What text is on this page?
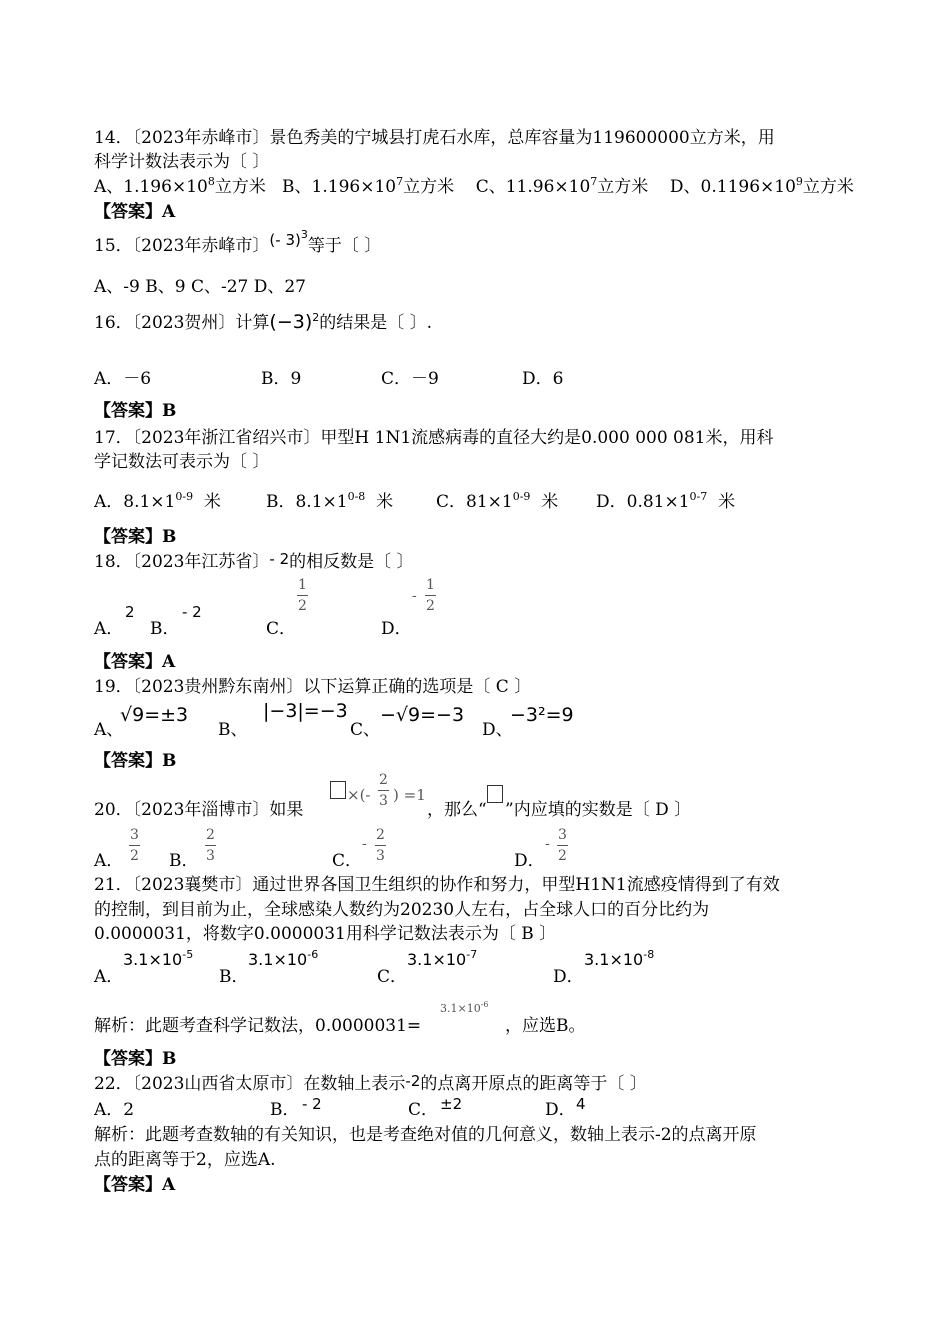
14．〔2023年赤峰市〕景色秀美的宁城县打虎石水库，总库容量为119600000立方米，用
科学计数法表示为〔 〕
A、$1.196\times 10^8$立方米 B、$1.196\times 10^7$立方米 C、$11.96\times 10^7$立方米 D、$0.1196\times 10^9$立方米
【答案】A
15．〔2023年赤峰市〕(- 3)$^3$等于〔 〕
A、-9 B、9 C、-27 D、27
16．〔2023贺州〕计算$(-3)^2$的结果是〔 〕.
A．－6	B．9	C．－9	D．6
【答案】B
17．〔2023年浙江省绍兴市〕甲型H 1N1流感病毒的直径大约是0.000 000 081米，用科
学记数法可表示为〔 〕
A．$8.1\times 1^{0-9}$ 米	B．$8.1\times 1^{0-8}$ 米	C．$81\times 1^{0-9}$ 米 D．$0.81\times 1^{0-7}$ 米
【答案】B
18．〔2023年江苏省〕- 2的相反数是〔 〕
A．
2
B．
- 2
C．
1
2
D．
-
1
2
【答案】A
19．〔2023贵州黔东南州〕以下运算正确的选项是〔 C 〕
A、
√9=±3
B、
|−3|=−3
C、
−√9=−3
D、
−3²=9
【答案】B
20．〔2023年淄博市〕如果
×(-
2
3 ) =1
，那么“ ”内应填的实数是〔 D 〕
A．
3
2 B．
2
3	C．
-
2
3	D．
-
3
2
21．〔2023襄樊市〕通过世界各国卫生组织的协作和努力，甲型H1N1流感疫情得到了有效
的控制，到目前为止，全球感染人数约为20230人左右，占全球人口的百分比约为
0.0000031，将数字0.0000031用科学记数法表示为〔 B 〕
A．
$3.1\times 10^{-5}$
B．
$3.1\times 10^{-6}$
C．
$3.1\times 10^{-7}$
D．
$3.1\times 10^{-8}$
解析：此题考查科学记数法，0.0000031=
$3.1\times 10^{-6}$
，应选B。
【答案】B
22．〔2023山西省太原市〕在数轴上表示-2的点离开原点的距离等于〔 〕
A．2	B． - 2	C． ±2	D． 4
解析：此题考查数轴的有关知识，也是考查绝对值的几何意义，数轴上表示-2的点离开原
点的距离等于2，应选A.
【答案】A
